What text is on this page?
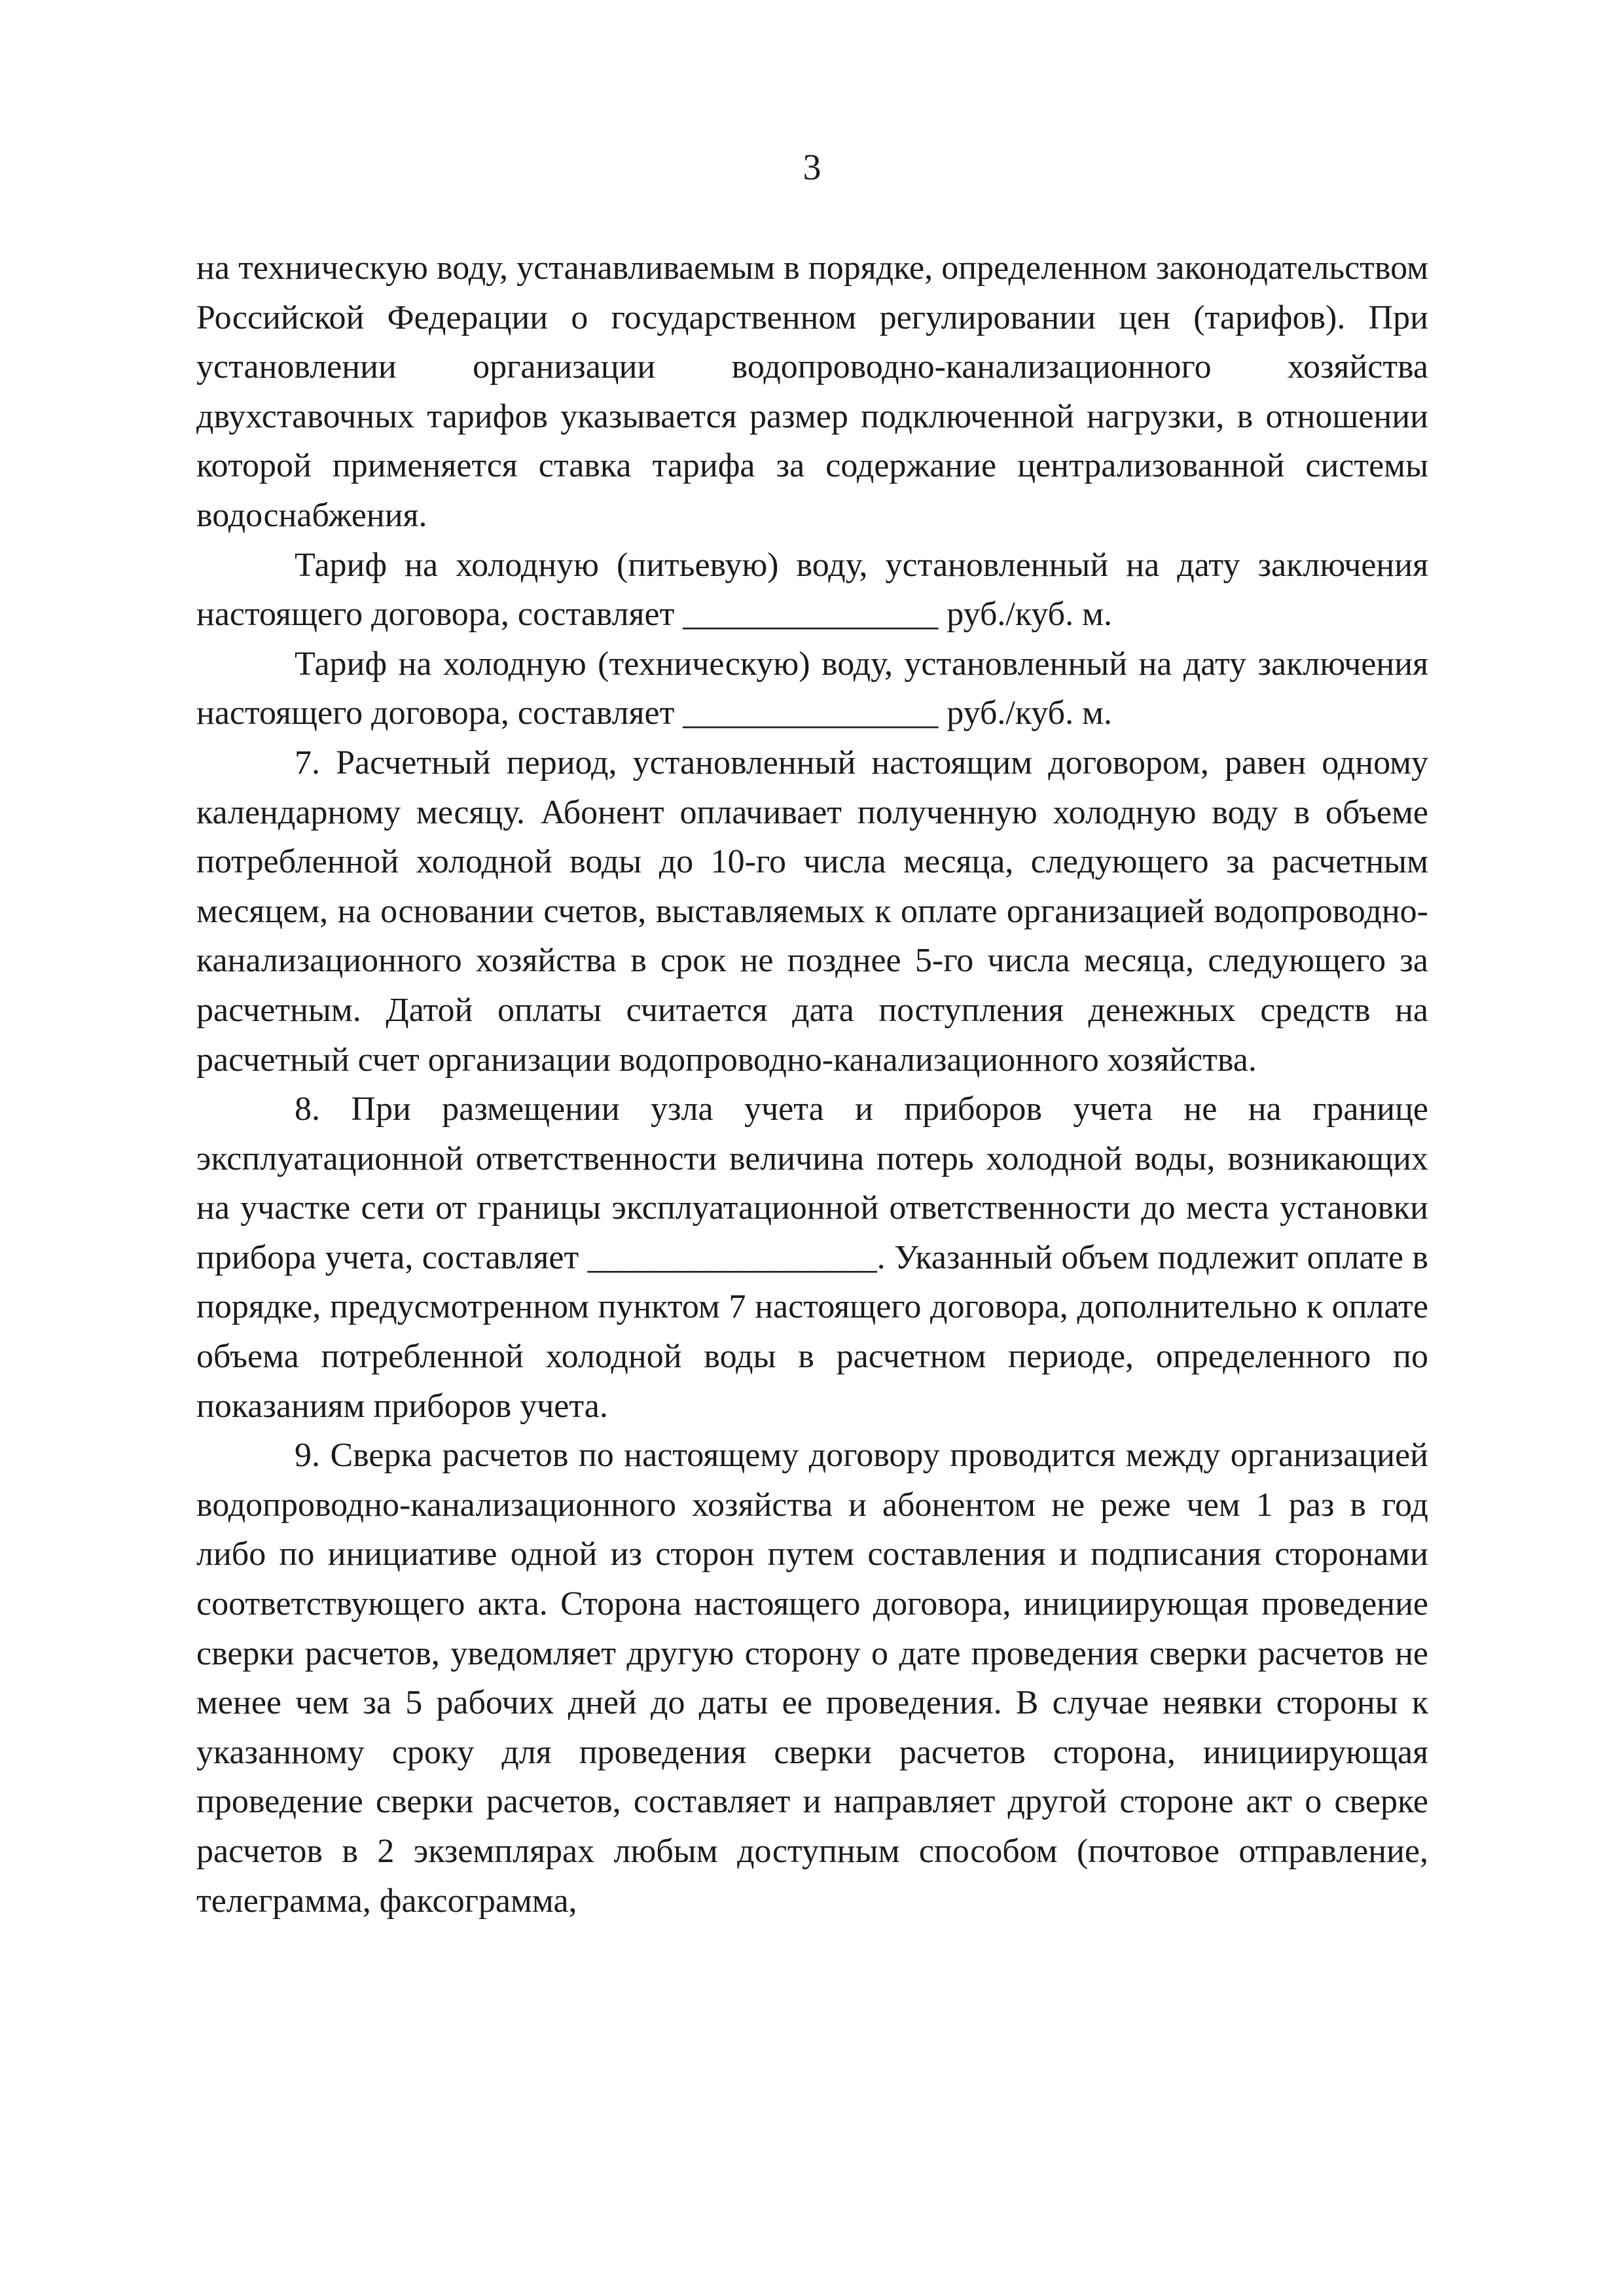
3

на техническую воду, устанавливаемым в порядке, определенном законодательством Российской Федерации о государственном регулировании цен (тарифов). При установлении организации водопроводно-канализационного хозяйства двухставочных тарифов указывается размер подключенной нагрузки, в отношении которой применяется ставка тарифа за содержание централизованной системы водоснабжения.

Тариф на холодную (питьевую) воду, установленный на дату заключения настоящего договора, составляет _______________ руб./куб. м.

Тариф на холодную (техническую) воду, установленный на дату заключения настоящего договора, составляет _______________ руб./куб. м.

7. Расчетный период, установленный настоящим договором, равен одному календарному месяцу. Абонент оплачивает полученную холодную воду в объеме потребленной холодной воды до 10-го числа месяца, следующего за расчетным месяцем, на основании счетов, выставляемых к оплате организацией водопроводно-канализационного хозяйства в срок не позднее 5-го числа месяца, следующего за расчетным. Датой оплаты считается дата поступления денежных средств на расчетный счет организации водопроводно-канализационного хозяйства.

8. При размещении узла учета и приборов учета не на границе эксплуатационной ответственности величина потерь холодной воды, возникающих на участке сети от границы эксплуатационной ответственности до места установки прибора учета, составляет _________________. Указанный объем подлежит оплате в порядке, предусмотренном пунктом 7 настоящего договора, дополнительно к оплате объема потребленной холодной воды в расчетном периоде, определенного по показаниям приборов учета.

9. Сверка расчетов по настоящему договору проводится между организацией водопроводно-канализационного хозяйства и абонентом не реже чем 1 раз в год либо по инициативе одной из сторон путем составления и подписания сторонами соответствующего акта. Сторона настоящего договора, инициирующая проведение сверки расчетов, уведомляет другую сторону о дате проведения сверки расчетов не менее чем за 5 рабочих дней до даты ее проведения. В случае неявки стороны к указанному сроку для проведения сверки расчетов сторона, инициирующая проведение сверки расчетов, составляет и направляет другой стороне акт о сверке расчетов в 2 экземплярах любым доступным способом (почтовое отправление, телеграмма, факсограмма,
